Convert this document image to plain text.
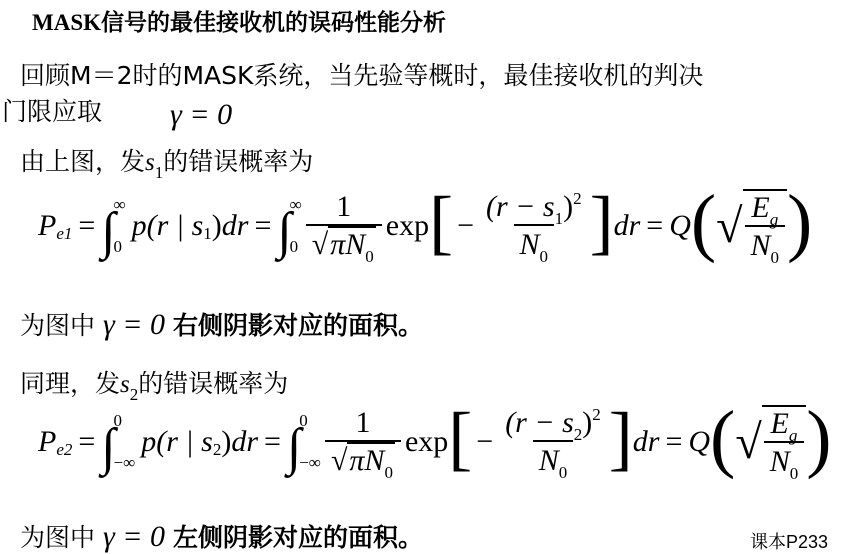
MASK信号的最佳接收机的误码性能分析
回顾M＝2时的MASK系统，当先验等概时，最佳接收机的判决
门限应取 γ = 0
由上图，发$s_1$的错误概率为
P e1 = ∫
∞
0
p(r | s 1 ) dr = ∫
∞
$0 \frac{1}{√\pi N_0}$ exp [ − $\frac{(r - s_1)^2}{N_0}$ ] dr = Q ( √ $\frac{E_g}{N_0}$ )
为图中 γ = 0 右侧阴影对应的面积。
同理，发$s_2$的错误概率为
P e2 = ∫
0
−∞
p(r | s 2 ) dr = ∫
0
−∞ $\frac{1}{√\pi N_0}$ exp [ − $\frac{(r - s_2)^2}{N_0}$ ] dr = Q ( √ $\frac{E_g}{N_0}$ )
为图中 γ = 0 左侧阴影对应的面积。	课本P233
